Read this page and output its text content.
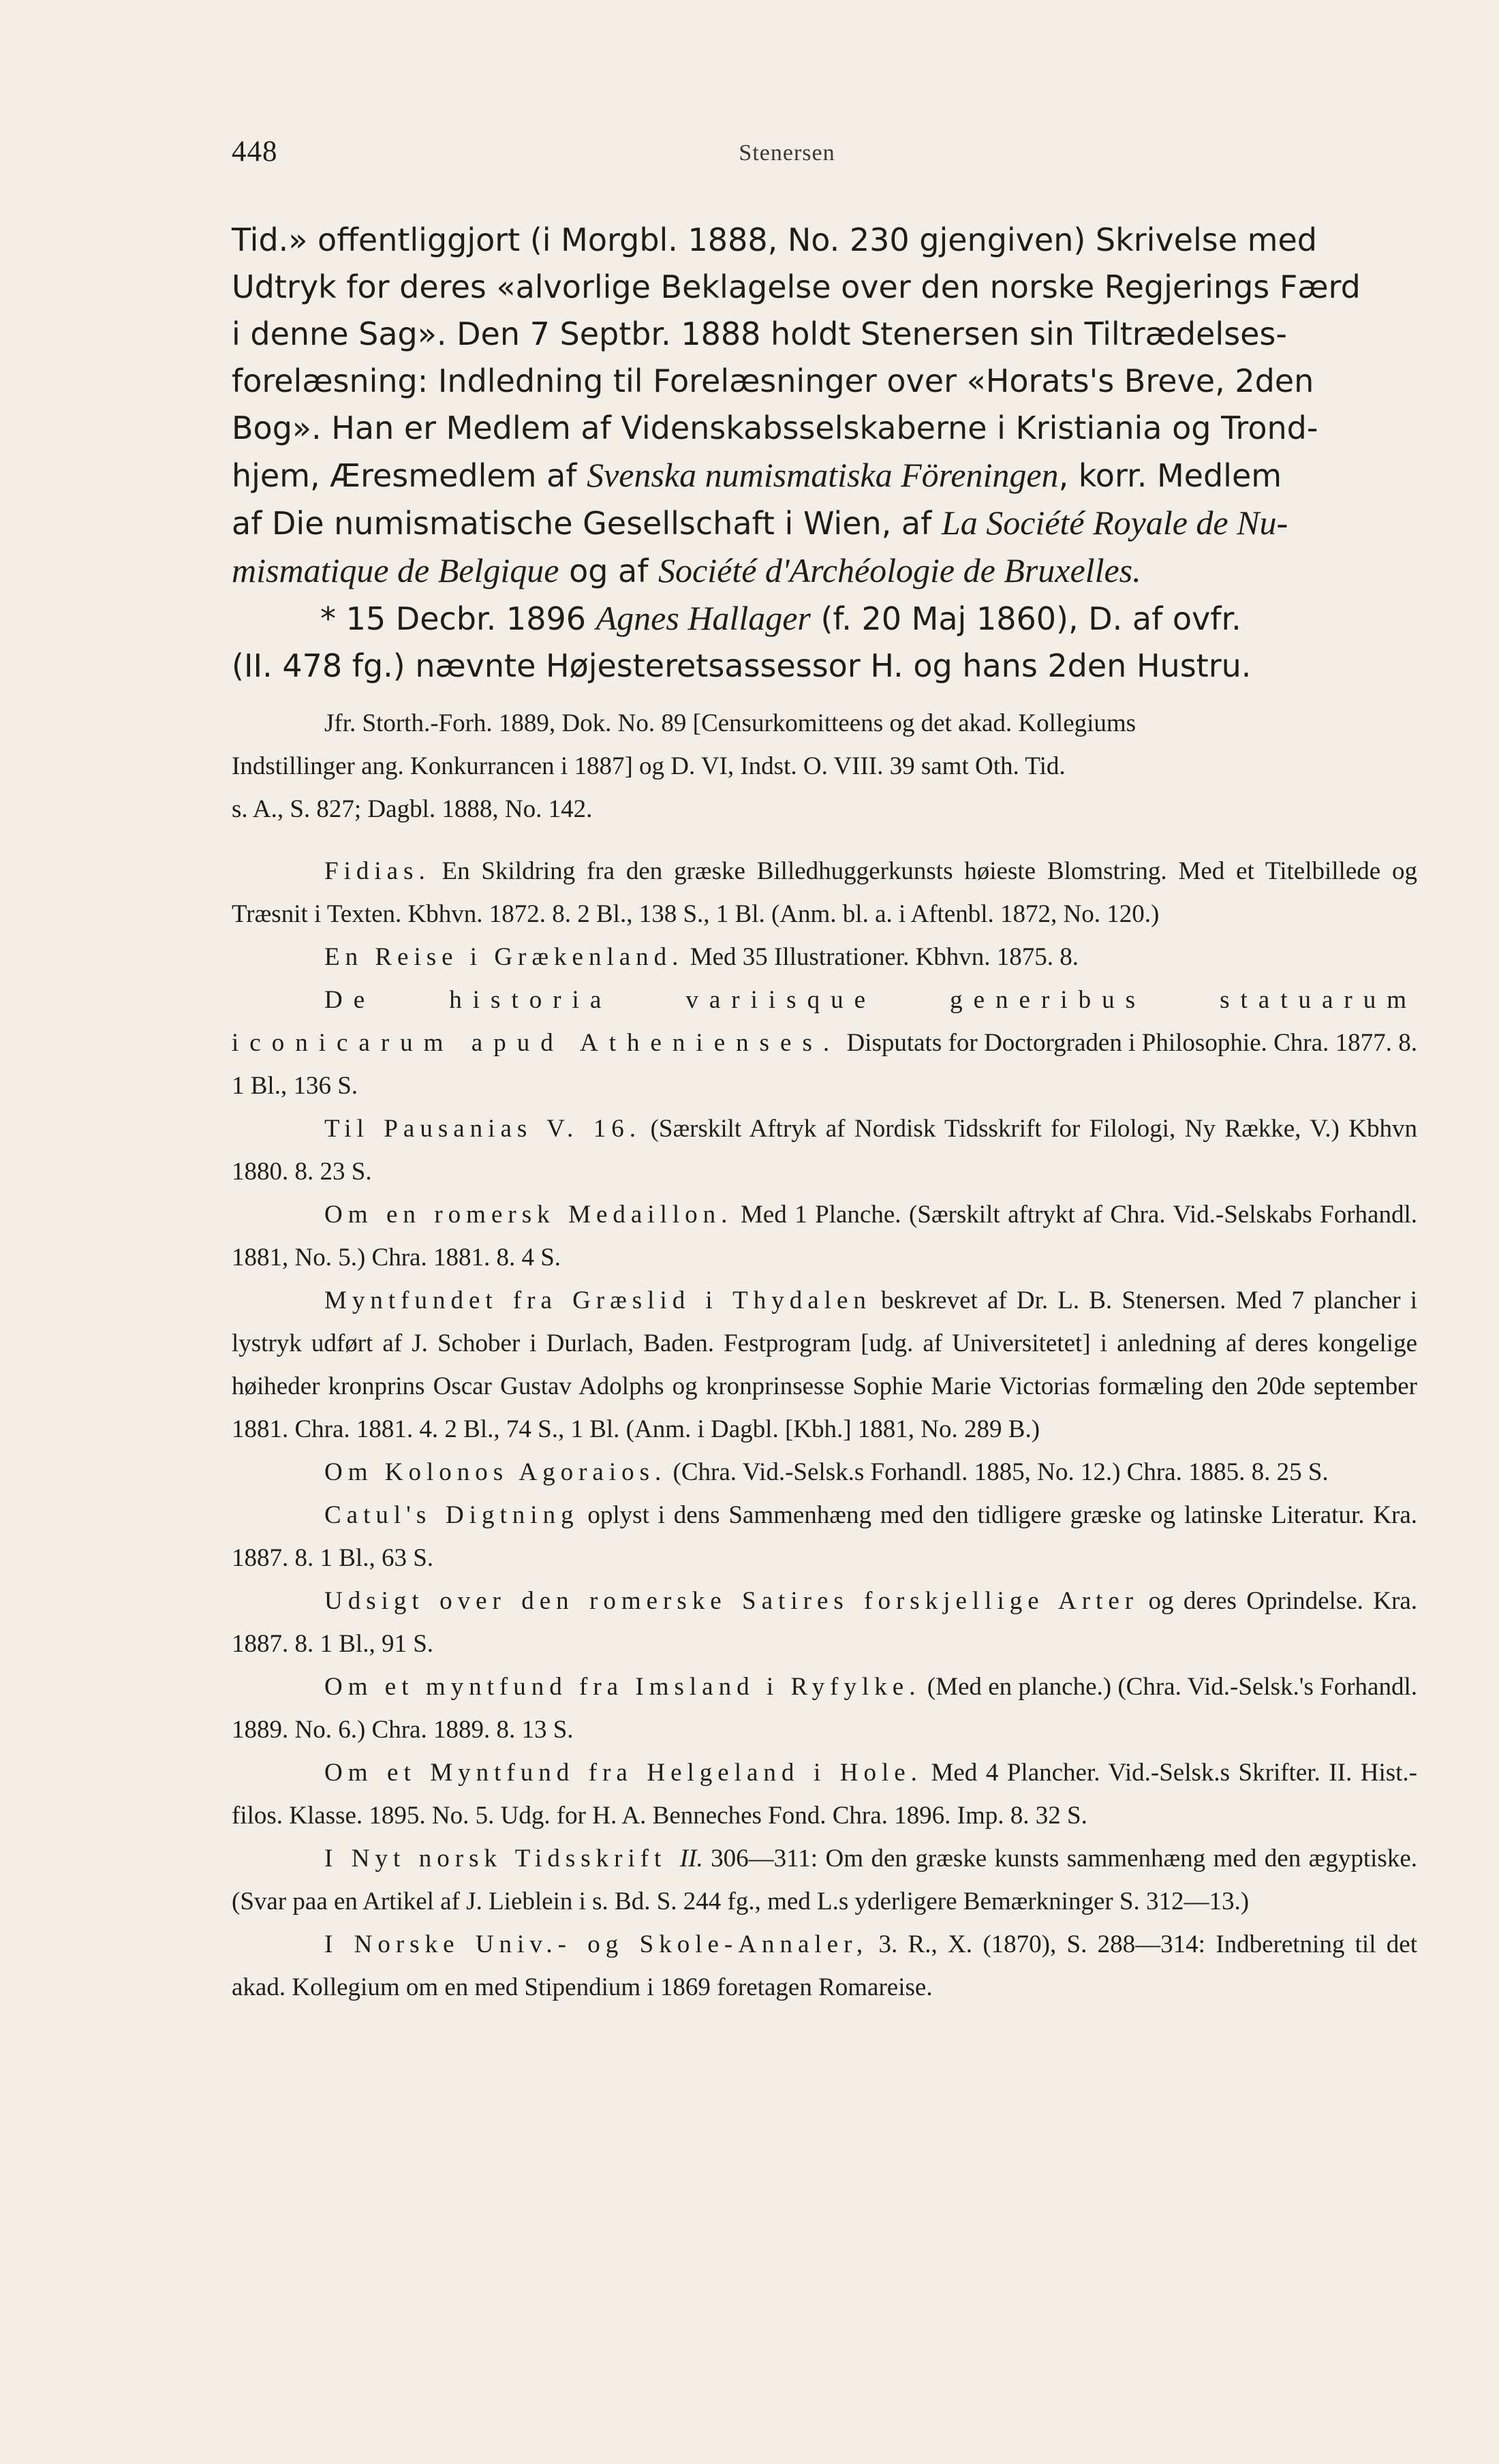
448	Stenersen

Tid.» offentliggjort (i Morgbl. 1888, No. 230 gjengiven) Skrivelse med

Udtryk for deres «alvorlige Beklagelse over den norske Regjerings Færd

i denne Sag». Den 7 Septbr. 1888 holdt Stenersen sin Tiltrædelses-

forelæsning: Indledning til Forelæsninger over «Horats's Breve, 2den

Bog». Han er Medlem af Videnskabsselskaberne i Kristiania og Trond-

hjem, Æresmedlem af Svenska numismatiska Föreningen, korr. Medlem

af Die numismatische Gesellschaft i Wien, af La Société Royale de Nu-

mismatique de Belgique og af Société d'Archéologie de Bruxelles.

* 15 Decbr. 1896 Agnes Hallager (f. 20 Maj 1860), D. af ovfr.

(II. 478 fg.) nævnte Højesteretsassessor H. og hans 2den Hustru.

Jfr. Storth.-Forh. 1889, Dok. No. 89 [Censurkomitteens og det akad. Kollegiums

Indstillinger ang. Konkurrancen i 1887] og D. VI, Indst. O. VIII. 39 samt Oth. Tid.

s. A., S. 827; Dagbl. 1888, No. 142.

Fidias. En Skildring fra den græske Billedhuggerkunsts høieste Blomstring. Med et Titelbillede og Træsnit i Texten. Kbhvn. 1872. 8. 2 Bl., 138 S., 1 Bl. (Anm. bl. a. i Aftenbl. 1872, No. 120.)

En Reise i Grækenland. Med 35 Illustrationer. Kbhvn. 1875. 8.

De historia variisque generibus statuarum iconicarum apud Athenienses. Disputats for Doctorgraden i Philosophie. Chra. 1877. 8. 1 Bl., 136 S.

Til Pausanias V. 16. (Særskilt Aftryk af Nordisk Tidsskrift for Filologi, Ny Række, V.) Kbhvn 1880. 8. 23 S.

Om en romersk Medaillon. Med 1 Planche. (Særskilt aftrykt af Chra. Vid.-Selskabs Forhandl. 1881, No. 5.) Chra. 1881. 8. 4 S.

Myntfundet fra Græslid i Thydalen beskrevet af Dr. L. B. Stenersen. Med 7 plancher i lystryk udført af J. Schober i Durlach, Baden. Festprogram [udg. af Universitetet] i anledning af deres kongelige høiheder kronprins Oscar Gustav Adolphs og kronprinsesse Sophie Marie Victorias formæling den 20de september 1881. Chra. 1881. 4. 2 Bl., 74 S., 1 Bl. (Anm. i Dagbl. [Kbh.] 1881, No. 289 B.)

Om Kolonos Agoraios. (Chra. Vid.-Selsk.s Forhandl. 1885, No. 12.) Chra. 1885. 8. 25 S.

Catul's Digtning oplyst i dens Sammenhæng med den tidligere græske og latinske Literatur. Kra. 1887. 8. 1 Bl., 63 S.

Udsigt over den romerske Satires forskjellige Arter og deres Oprindelse. Kra. 1887. 8. 1 Bl., 91 S.

Om et myntfund fra Imsland i Ryfylke. (Med en planche.) (Chra. Vid.-Selsk.'s Forhandl. 1889. No. 6.) Chra. 1889. 8. 13 S.

Om et Myntfund fra Helgeland i Hole. Med 4 Plancher. Vid.-Selsk.s Skrifter. II. Hist.-filos. Klasse. 1895. No. 5. Udg. for H. A. Benneches Fond. Chra. 1896. Imp. 8. 32 S.

I Nyt norsk Tidsskrift II. 306—311: Om den græske kunsts sammenhæng med den ægyptiske. (Svar paa en Artikel af J. Lieblein i s. Bd. S. 244 fg., med L.s yderligere Bemærkninger S. 312—13.)

I Norske Univ.- og Skole-Annaler, 3. R., X. (1870), S. 288—314: Indberetning til det akad. Kollegium om en med Stipendium i 1869 foretagen Romareise.
